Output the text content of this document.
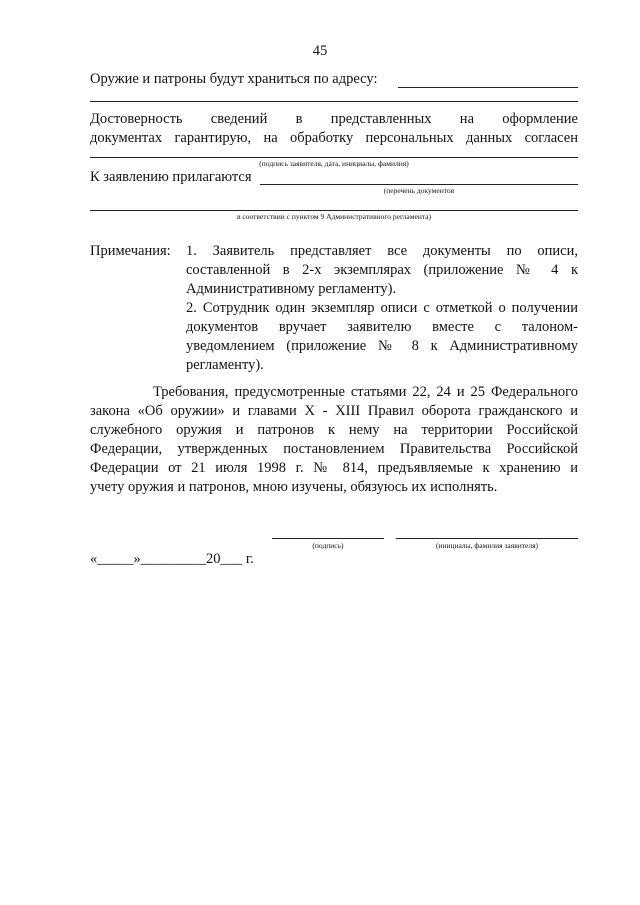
45
Оружие и патроны будут храниться по адресу:
Достоверность сведений в представленных на оформление
документах гарантирую, на обработку персональных данных согласен
(подпись заявителя, дата, инициалы, фамилия)
К заявлению прилагаются
(перечень документов
в соответствии с пунктом 9 Административного регламента)
Примечания: 1. Заявитель представляет все документы по описи,
составленной в 2-х экземплярах (приложение № 4 к
Административному регламенту).
2. Сотрудник один экземпляр описи с отметкой о получении
документов вручает заявителю вместе с талоном-
уведомлением (приложение № 8 к Административному
регламенту).
Требования, предусмотренные статьями 22, 24 и 25 Федерального
закона «Об оружии» и главами X - XIII Правил оборота гражданского и
служебного оружия и патронов к нему на территории Российской
Федерации, утвержденных постановлением Правительства Российской
Федерации от 21 июля 1998 г. № 814, предъявляемые к хранению и
учету оружия и патронов, мною изучены, обязуюсь их исполнять.
(подпись)	(инициалы, фамилия заявителя)
«_____»_________20___ г.
